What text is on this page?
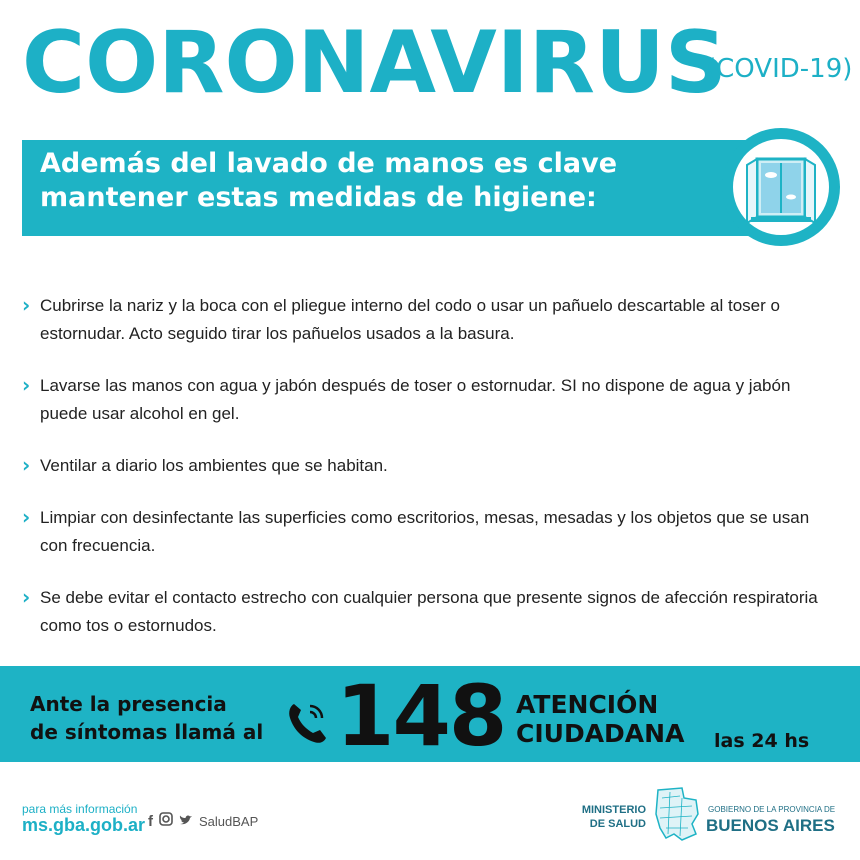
CORONAVIRUS
(COVID-19)
Además del lavado de manos es clave
mantener estas medidas de higiene:
› Cubrirse la nariz y la boca con el pliegue interno del codo o usar un pañuelo descartable al toser o estornudar. Acto seguido tirar los pañuelos usados a la basura.
› Lavarse las manos con agua y jabón después de toser o estornudar. SI no dispone de agua y jabón puede usar alcohol en gel.
› Ventilar a diario los ambientes que se habitan.
› Limpiar con desinfectante las superficies como escritorios, mesas, mesadas y los objetos que se usan con frecuencia.
› Se debe evitar el contacto estrecho con cualquier persona que presente signos de afección respiratoria como tos o estornudos.
Ante la presencia
de síntomas llamá al 148 ATENCIÓN
CIUDADANA las 24 hs
para más información
ms.gba.gob.ar f	SaludBAP
MINISTERIO
DE SALUD
GOBIERNO DE LA PROVINCIA DE
BUENOS AIRES
